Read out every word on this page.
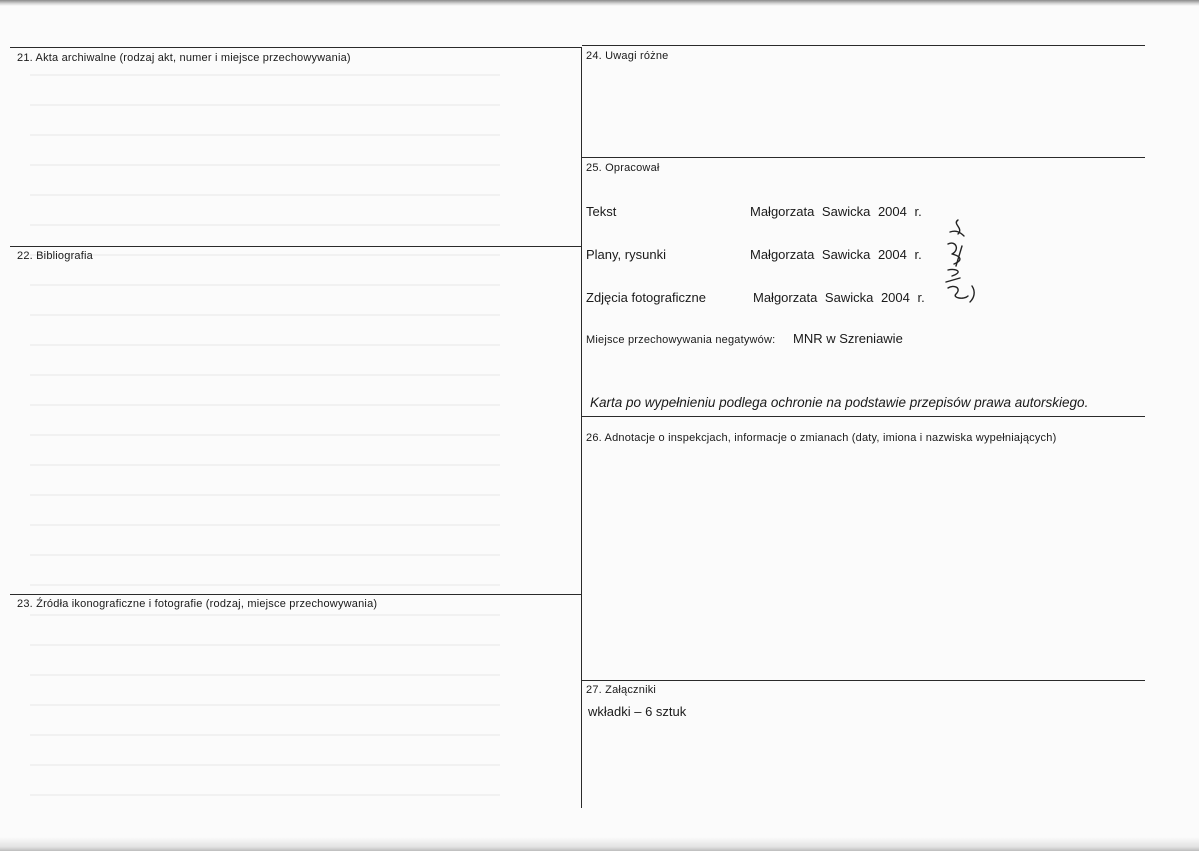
21. Akta archiwalne (rodzaj akt, numer i miejsce przechowywania)
22. Bibliografia
23. Źródła ikonograficzne i fotografie (rodzaj, miejsce przechowywania)
24. Uwagi różne
25. Opracował
Tekst	Małgorzata Sawicka 2004 r.
Plany, rysunki	Małgorzata Sawicka 2004 r.
Zdjęcia fotograficzne	Małgorzata Sawicka 2004 r.
Miejsce przechowywania negatywów: MNR w Szreniawie
Karta po wypełnieniu podlega ochronie na podstawie przepisów prawa autorskiego.
26. Adnotacje o inspekcjach, informacje o zmianach (daty, imiona i nazwiska wypełniających)
27. Załączniki
wkładki – 6 sztuk
